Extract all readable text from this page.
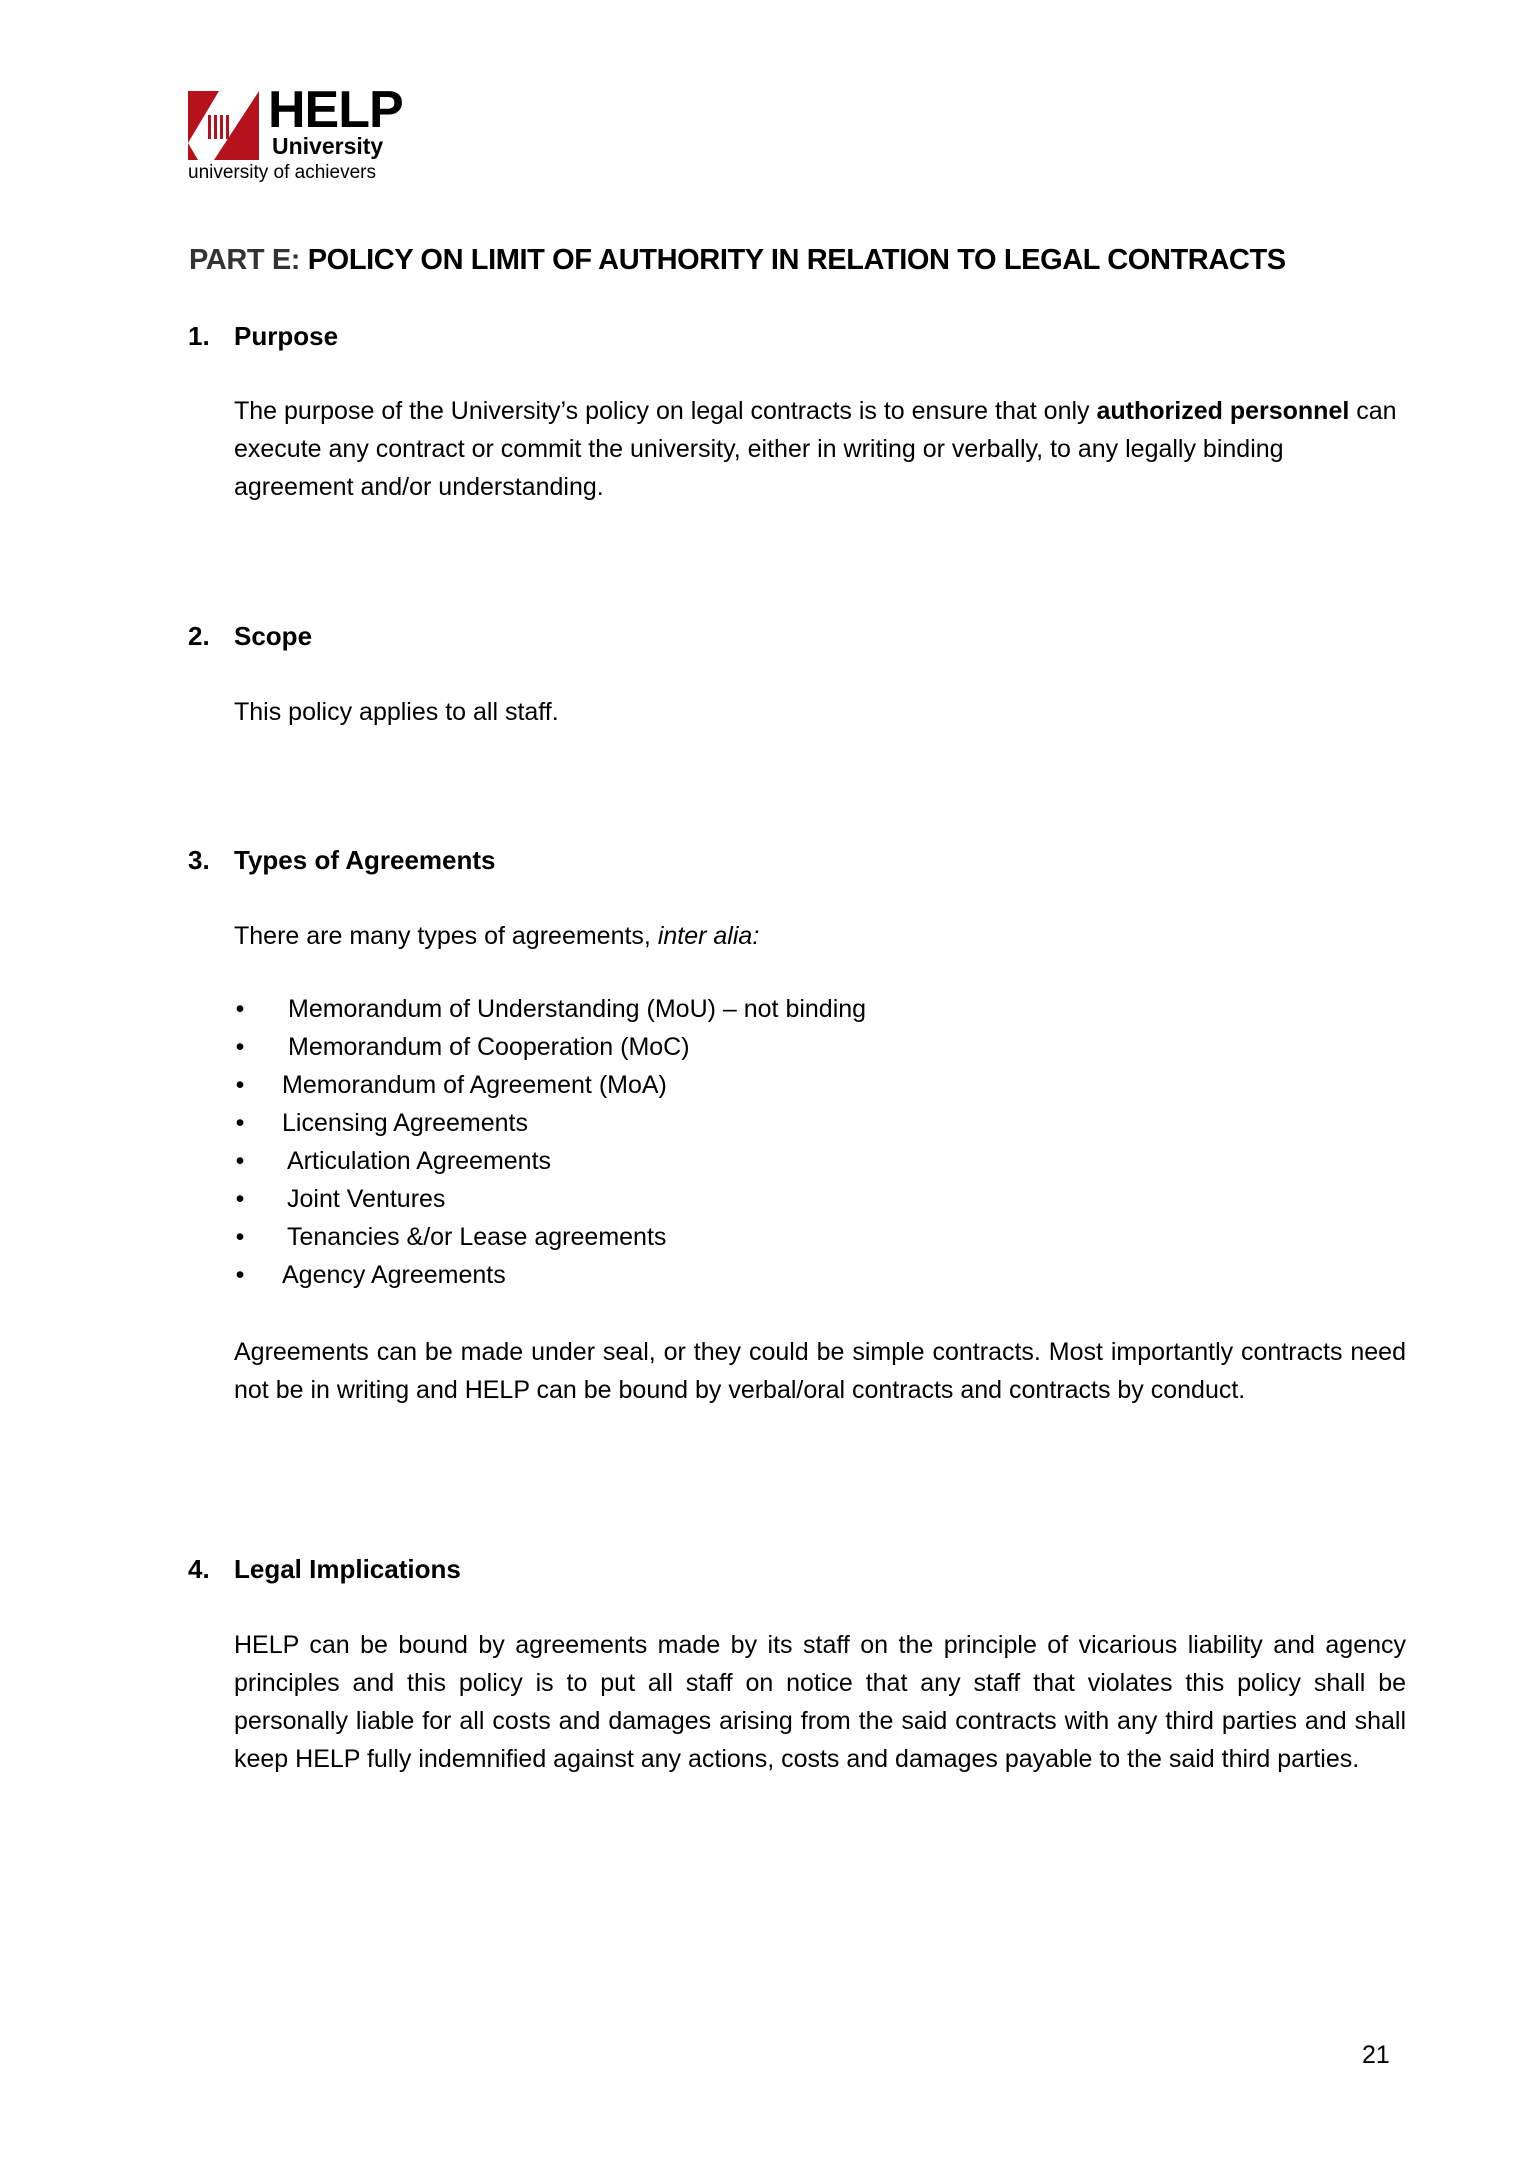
HELP
University
university of achievers
PART E: POLICY ON LIMIT OF AUTHORITY IN RELATION TO LEGAL CONTRACTS
1. Purpose
The purpose of the University’s policy on legal contracts is to ensure that only authorized personnel can execute any contract or commit the university, either in writing or verbally, to any legally binding agreement and/or understanding.
2. Scope
This policy applies to all staff.
3. Types of Agreements
There are many types of agreements, inter alia:
• Memorandum of Understanding (MoU) – not binding
• Memorandum of Cooperation (MoC)
• Memorandum of Agreement (MoA)
• Licensing Agreements
• Articulation Agreements
• Joint Ventures
• Tenancies &/or Lease agreements
• Agency Agreements
Agreements can be made under seal, or they could be simple contracts. Most importantly contracts need not be in writing and HELP can be bound by verbal/oral contracts and contracts by conduct.
4. Legal Implications
HELP can be bound by agreements made by its staff on the principle of vicarious liability and agency principles and this policy is to put all staff on notice that any staff that violates this policy shall be personally liable for all costs and damages arising from the said contracts with any third parties and shall keep HELP fully indemnified against any actions, costs and damages payable to the said third parties.
21
